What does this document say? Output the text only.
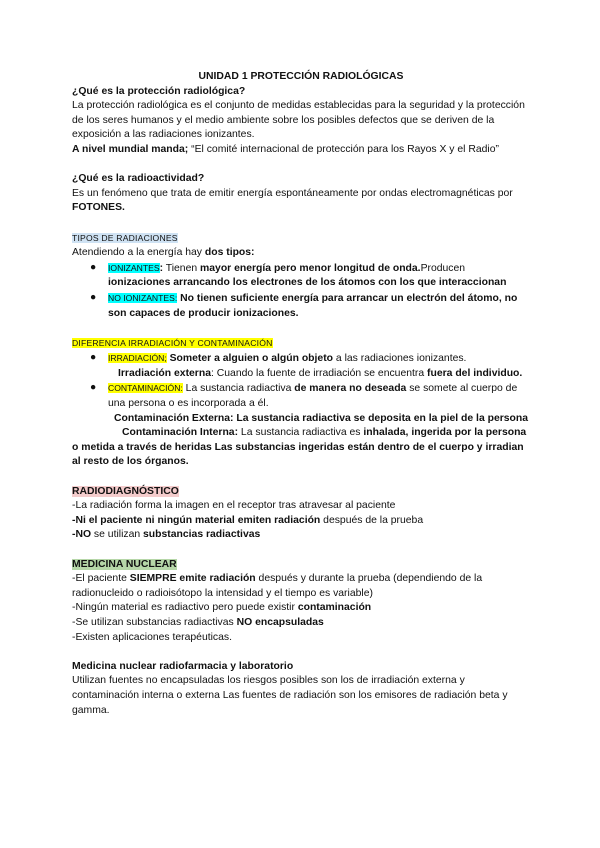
UNIDAD 1 PROTECCIÓN RADIOLÓGICAS

¿Qué es la protección radiológica?

La protección radiológica es el conjunto de medidas establecidas para la seguridad y la protección de los seres humanos y el medio ambiente sobre los posibles defectos que se deriven de la exposición a las radiaciones ionizantes.

A nivel mundial manda; “El comité internacional de protección para los Rayos X y el Radio”

¿Qué es la radioactividad?

Es un fenómeno que trata de emitir energía espontáneamente por ondas electromagnéticas por FOTONES.

TIPOS DE RADIACIONES

Atendiendo a la energía hay dos tipos:

● IONIZANTES: Tienen mayor energía pero menor longitud de onda.Producen ionizaciones arrancando los electrones de los átomos con los que interaccionan
● NO IONIZANTES: No tienen suficiente energía para arrancar un electrón del átomo, no son capaces de producir ionizaciones.

DIFERENCIA IRRADIACIÓN Y CONTAMINACIÓN

● IRRADIACIÓN; Someter a alguien o algún objeto a las radiaciones ionizantes.

Irradiación externa: Cuando la fuente de irradiación se encuentra fuera del individuo.

● CONTAMINACIÓN: La sustancia radiactiva de manera no deseada se somete al cuerpo de una persona o es incorporada a él.

Contaminación Externa: La sustancia radiactiva se deposita en la piel de la persona

Contaminación Interna: La sustancia radiactiva es inhalada, ingerida por la persona o metida a través de heridas Las substancias ingeridas están dentro de el cuerpo y irradian al resto de los órganos.

RADIODIAGNÓSTICO

-La radiación forma la imagen en el receptor tras atravesar al paciente

-Ni el paciente ni ningún material emiten radiación después de la prueba

-NO se utilizan substancias radiactivas

MEDICINA NUCLEAR

-El paciente SIEMPRE emite radiación después y durante la prueba (dependiendo de la radionucleido o radioisótopo la intensidad y el tiempo es variable)

-Ningún material es radiactivo pero puede existir contaminación

-Se utilizan substancias radiactivas NO encapsuladas

-Existen aplicaciones terapéuticas.

Medicina nuclear radiofarmacia y laboratorio

Utilizan fuentes no encapsuladas los riesgos posibles son los de irradiación externa y contaminación interna o externa Las fuentes de radiación son los emisores de radiación beta y gamma.
